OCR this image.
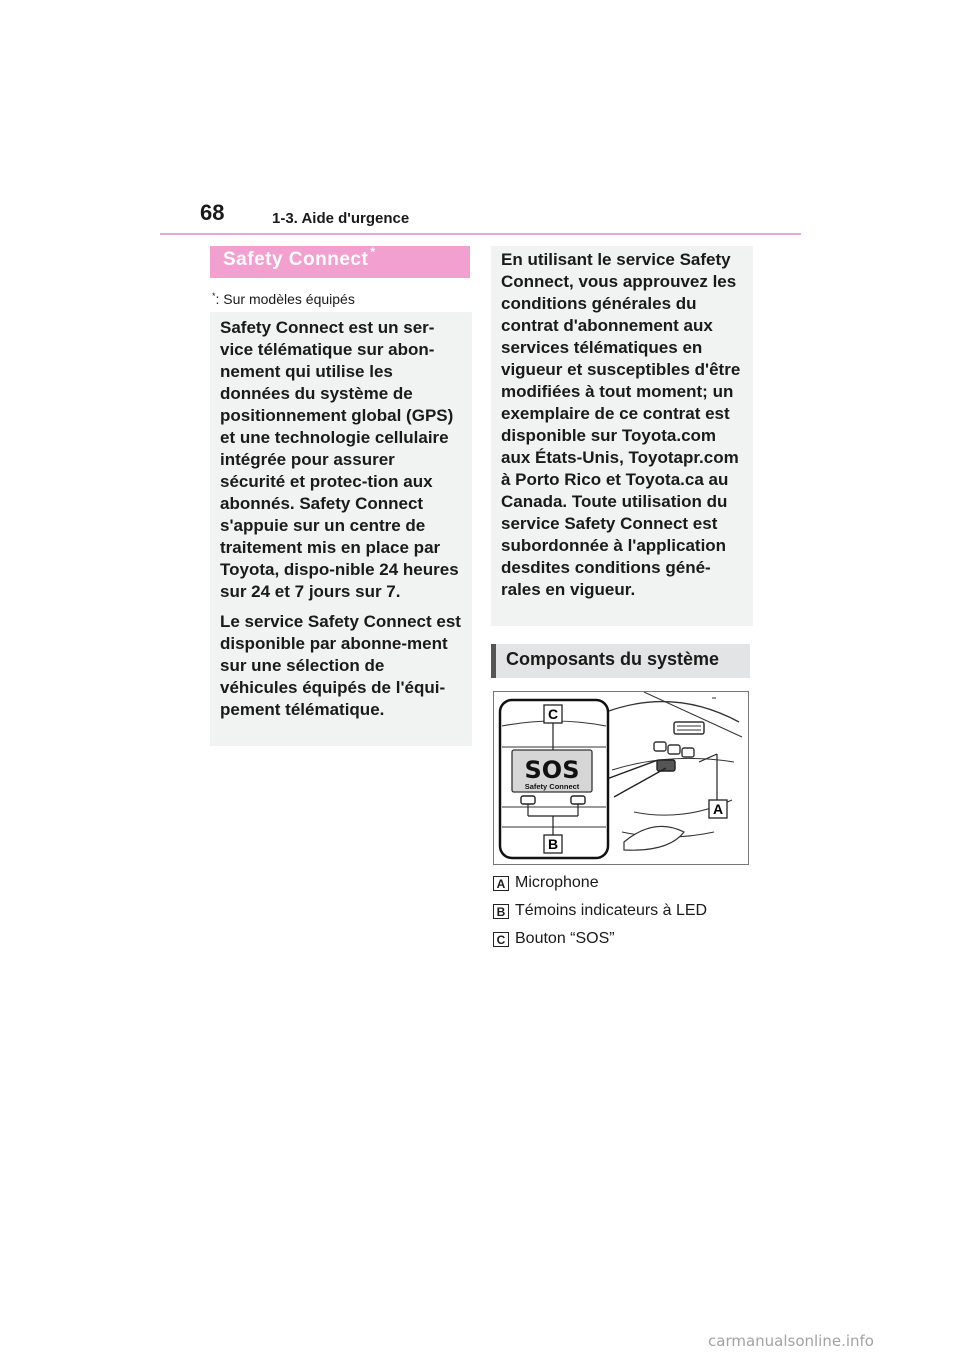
68	1-3. Aide d'urgence
Safety Connect *
*: Sur modèles équipés

Safety Connect est un ser-vice télématique sur abon-nement qui utilise les données du système de positionnement global (GPS) et une technologie cellulaire intégrée pour assurer sécurité et protec-tion aux abonnés. Safety Connect s'appuie sur un centre de traitement mis en place par Toyota, dispo-nible 24 heures sur 24 et 7 jours sur 7.

Le service Safety Connect est disponible par abonne-ment sur une sélection de véhicules équipés de l'équi-pement télématique.

En utilisant le service Safety Connect, vous approuvez les conditions générales du contrat d'abonnement aux services télématiques en vigueur et susceptibles d'être modifiées à tout moment; un exemplaire de ce contrat est disponible sur Toyota.com aux États-Unis, Toyotapr.com à Porto Rico et Toyota.ca au Canada. Toute utilisation du service Safety Connect est subordonnée à l'application desdites conditions géné-rales en vigueur.

Composants du système
A
SOS
Safety Connect
C
B
A Microphone
B Témoins indicateurs à LED
C Bouton “SOS”
carmanualsonline.info
